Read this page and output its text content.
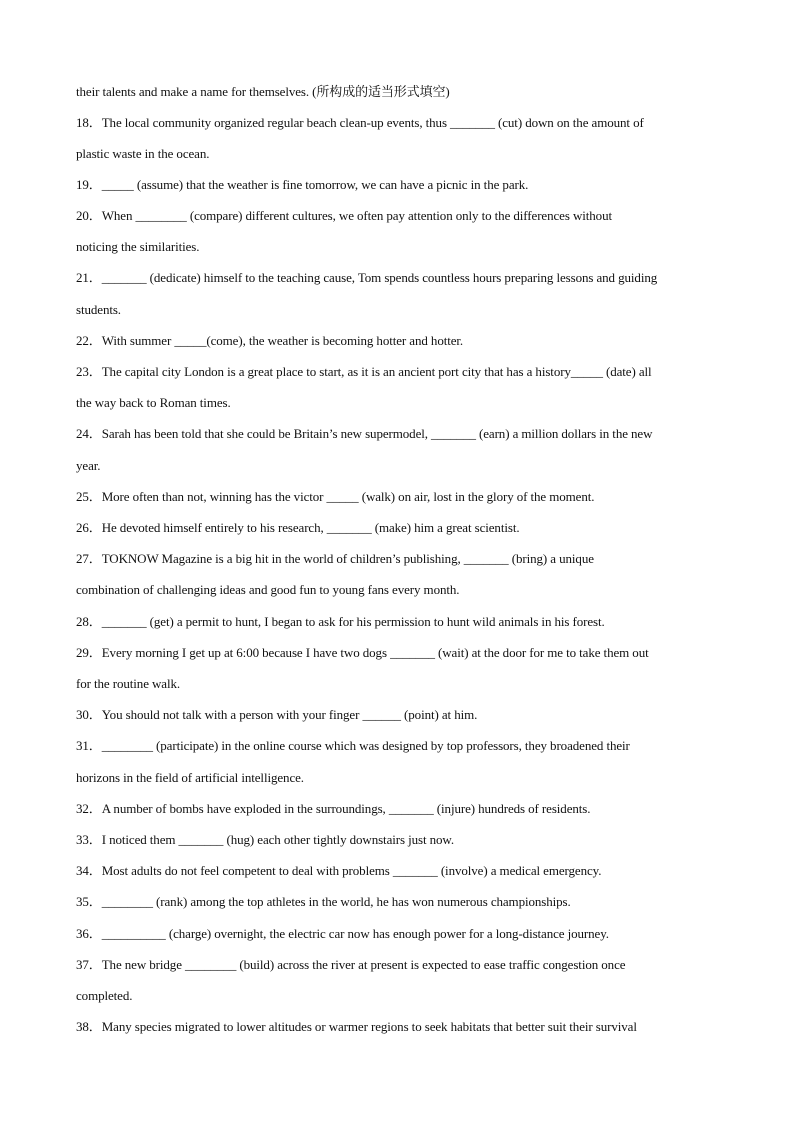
their talents and make a name for themselves. (所构成的适当形式填空)
18．The local community organized regular beach clean-up events, thus _______ (cut) down on the amount of
plastic waste in the ocean.
19．_____ (assume) that the weather is fine tomorrow, we can have a picnic in the park.
20．When ________ (compare) different cultures, we often pay attention only to the differences without
noticing the similarities.
21．_______ (dedicate) himself to the teaching cause, Tom spends countless hours preparing lessons and guiding
students.
22．With summer _____(come), the weather is becoming hotter and hotter.
23．The capital city London is a great place to start, as it is an ancient port city that has a history_____ (date) all
the way back to Roman times.
24．Sarah has been told that she could be Britain’s new supermodel, _______ (earn) a million dollars in the new
year.
25．More often than not, winning has the victor _____ (walk) on air, lost in the glory of the moment.
26．He devoted himself entirely to his research, _______ (make) him a great scientist.
27．TOKNOW Magazine is a big hit in the world of children’s publishing, _______ (bring) a unique
combination of challenging ideas and good fun to young fans every month.
28．_______ (get) a permit to hunt, I began to ask for his permission to hunt wild animals in his forest.
29．Every morning I get up at 6:00 because I have two dogs _______ (wait) at the door for me to take them out
for the routine walk.
30．You should not talk with a person with your finger ______ (point) at him.
31．________ (participate) in the online course which was designed by top professors, they broadened their
horizons in the field of artificial intelligence.
32．A number of bombs have exploded in the surroundings, _______ (injure) hundreds of residents.
33．I noticed them _______ (hug) each other tightly downstairs just now.
34．Most adults do not feel competent to deal with problems _______ (involve) a medical emergency.
35．________ (rank) among the top athletes in the world, he has won numerous championships.
36．__________ (charge) overnight, the electric car now has enough power for a long-distance journey.
37．The new bridge ________ (build) across the river at present is expected to ease traffic congestion once
completed.
38．Many species migrated to lower altitudes or warmer regions to seek habitats that better suit their survival
